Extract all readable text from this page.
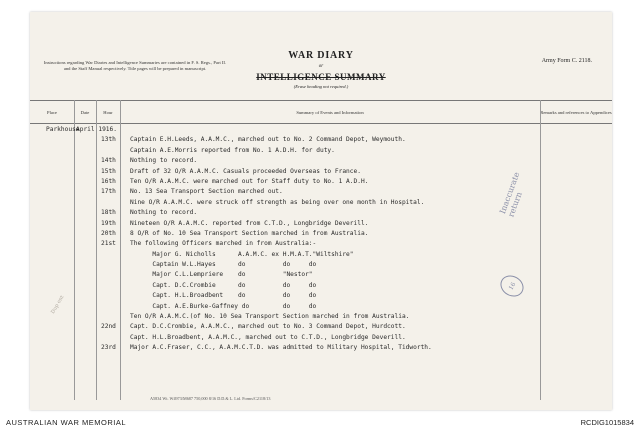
Instructions regarding War Diaries and Intelligence Summaries are contained in F. S. Regs., Part II. and the Staff Manual respectively. Title pages will be prepared in manuscript.
WAR DIARY
or
INTELLIGENCE SUMMARY
(Erase heading not required.)
Army Form C. 2118.
Place	Date	Hour	Summary of Events and Information	Remarks and references to Appendices

Parkhouse

April 1916.

13th Captain E.H.Leeds, A.A.M.C., marched out to No. 2 Command Depot, Weymouth.
Captain A.E.Morris reported from No. 1 A.D.H. for duty.
14th Nothing to record.
15th Draft of 32 O/R A.A.M.C. Casuals proceeded Overseas to France.
16th Ten O/R A.A.M.C. were marched out for Staff duty to No. 1 A.D.H.
17th No. 13 Sea Transport Section marched out.
Nine O/R A.A.M.C. were struck off strength as being over one month in Hospital.
18th Nothing to record.
19th Nineteen O/R A.A.M.C. reported from C.T.D., Longbridge Deverill.
20th 8 O/R of No. 10 Sea Transport Section marched in from Australia.
21st The following Officers marched in from Australia:-
Major G. Nicholls      A.A.M.C. ex H.M.A.T."Wiltshire"
Captain W.L.Hayes      do          do     do
Major C.L.Lempriere    do          "Nestor"
Capt. D.C.Crombie      do          do     do
Capt. H.L.Broadbent    do          do     do
Capt. A.E.Burke-Gaffney do         do     do
Ten O/R A.A.M.C.(of No. 10 Sea Transport Section marched in from Australia.
22nd Capt. D.C.Crombie, A.A.M.C., marched out to No. 3 Command Depot, Hurdcott.
Capt. H.L.Broadbent, A.A.M.C., marched out to C.T.D., Longbridge Deverill.
23rd Major A.C.Fraser, C.C., A.A.M.C.T.D. was admitted to Military Hospital, Tidworth.
A5834 Wt. W4973/M687 750,000 8/16 D.D.& L. Ltd. Forms/C2118/13
Inaccurate
return
16
Dup ent
AUSTRALIAN WAR MEMORIAL	RCDIG1015834
